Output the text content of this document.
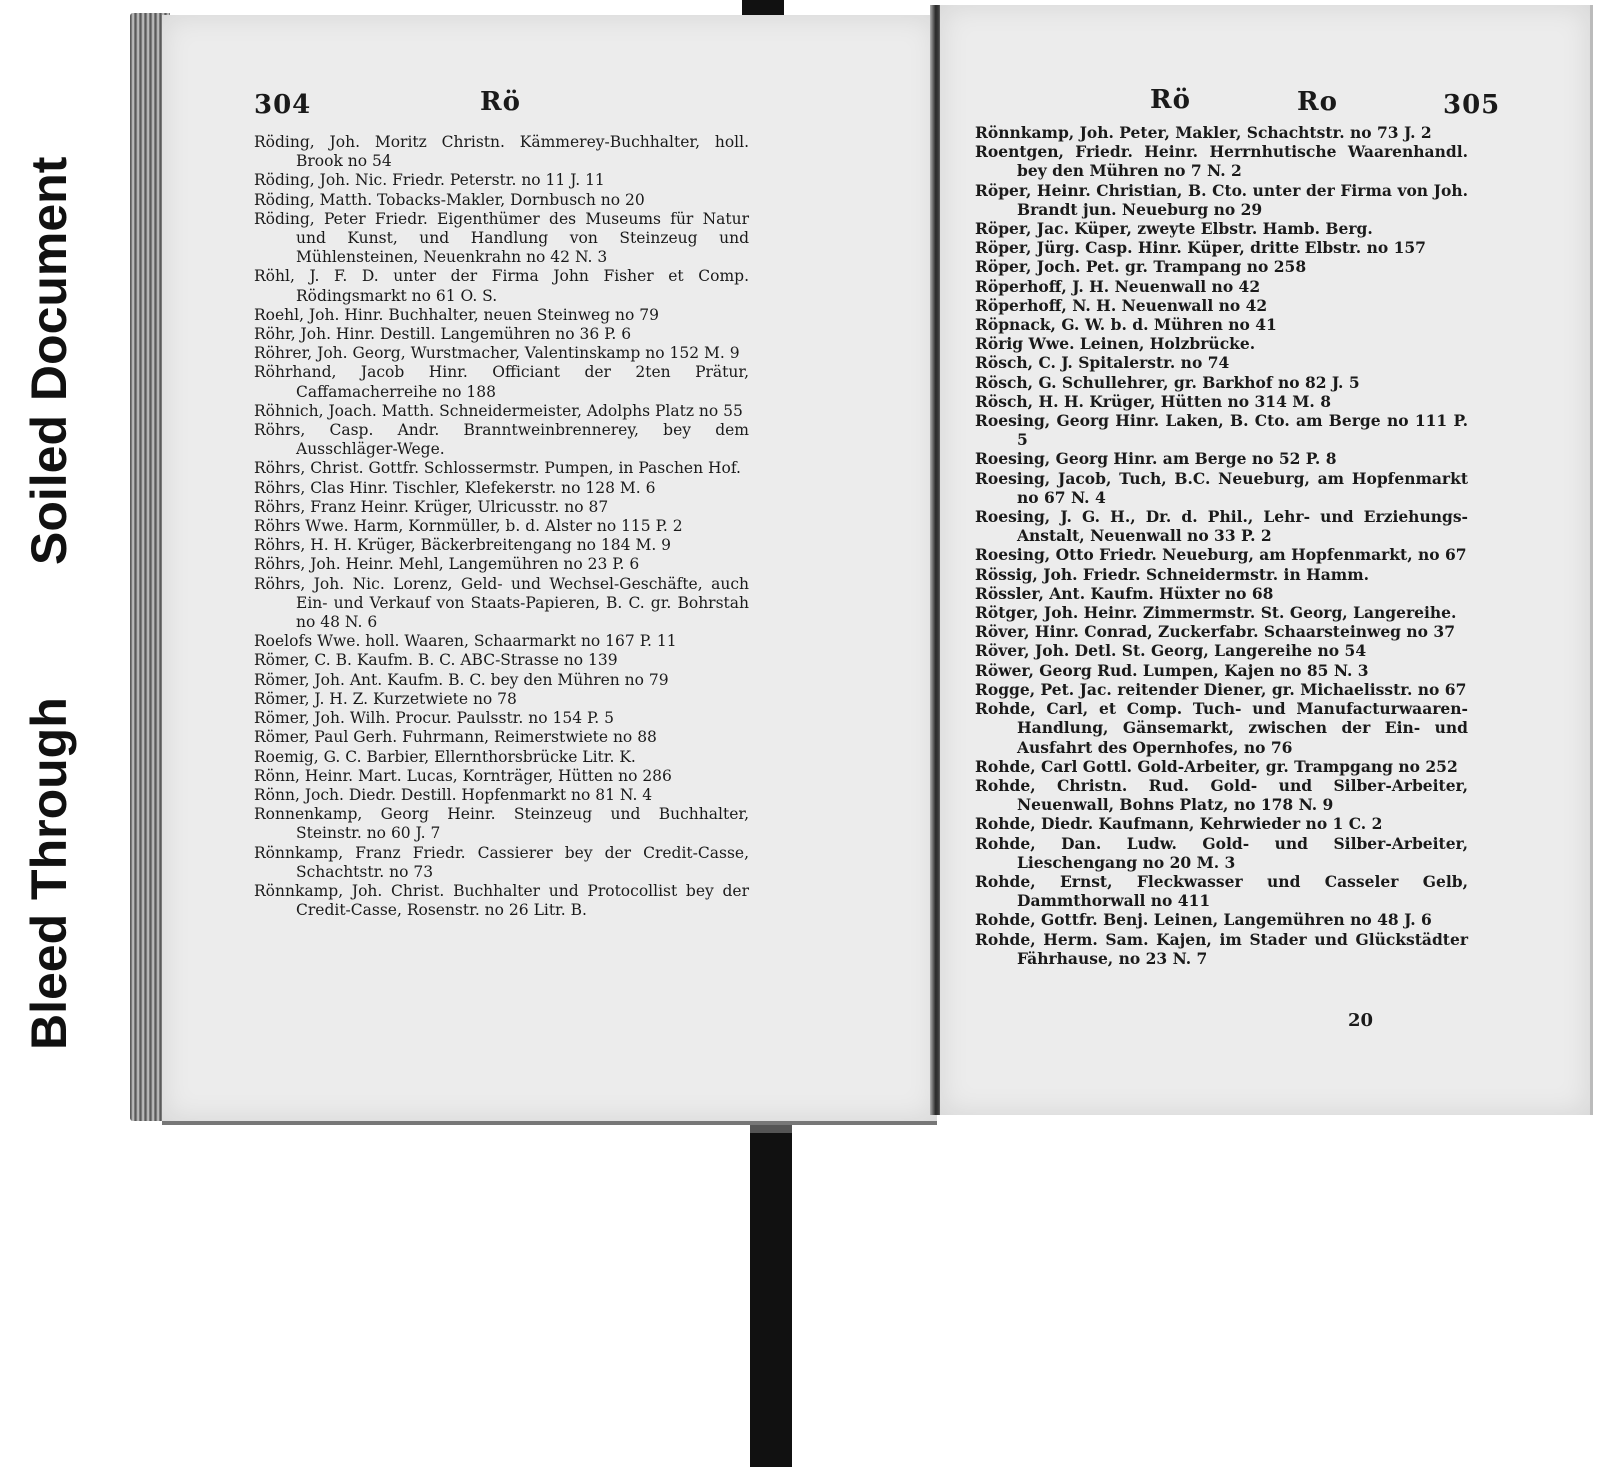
Bleed Through
Soiled Document
304	Rö
Röding, Joh. Moritz Christn. Kämmerey-Buchhalter, holl. Brook no 54
Röding, Joh. Nic. Friedr. Peterstr. no 11 J. 11
Röding, Matth. Tobacks-Makler, Dornbusch no 20
Röding, Peter Friedr. Eigenthümer des Museums für Natur und Kunst, und Handlung von Steinzeug und Mühlensteinen, Neuenkrahn no 42 N. 3
Röhl, J. F. D. unter der Firma John Fisher et Comp. Rödingsmarkt no 61 O. S.
Roehl, Joh. Hinr. Buchhalter, neuen Steinweg no 79
Röhr, Joh. Hinr. Destill. Langemühren no 36 P. 6
Röhrer, Joh. Georg, Wurstmacher, Valentinskamp no 152 M. 9
Röhrhand, Jacob Hinr. Officiant der 2ten Prätur, Caffamacherreihe no 188
Röhnich, Joach. Matth. Schneidermeister, Adolphs Platz no 55
Röhrs, Casp. Andr. Branntweinbrennerey, bey dem Ausschläger-Wege.
Röhrs, Christ. Gottfr. Schlossermstr. Pumpen, in Paschen Hof.
Röhrs, Clas Hinr. Tischler, Klefekerstr. no 128 M. 6
Röhrs, Franz Heinr. Krüger, Ulricusstr. no 87
Röhrs Wwe. Harm, Kornmüller, b. d. Alster no 115 P. 2
Röhrs, H. H. Krüger, Bäckerbreitengang no 184 M. 9
Röhrs, Joh. Heinr. Mehl, Langemühren no 23 P. 6
Röhrs, Joh. Nic. Lorenz, Geld- und Wechsel-Geschäfte, auch Ein- und Verkauf von Staats-Papieren, B. C. gr. Bohrstah no 48 N. 6
Roelofs Wwe. holl. Waaren, Schaarmarkt no 167 P. 11
Römer, C. B. Kaufm. B. C. ABC-Strasse no 139
Römer, Joh. Ant. Kaufm. B. C. bey den Mühren no 79
Römer, J. H. Z. Kurzetwiete no 78
Römer, Joh. Wilh. Procur. Paulsstr. no 154 P. 5
Römer, Paul Gerh. Fuhrmann, Reimerstwiete no 88
Roemig, G. C. Barbier, Ellernthorsbrücke Litr. K.
Rönn, Heinr. Mart. Lucas, Kornträger, Hütten no 286
Rönn, Joch. Diedr. Destill. Hopfenmarkt no 81 N. 4
Ronnenkamp, Georg Heinr. Steinzeug und Buchhalter, Steinstr. no 60 J. 7
Rönnkamp, Franz Friedr. Cassierer bey der Credit-Casse, Schachtstr. no 73
Rönnkamp, Joh. Christ. Buchhalter und Protocollist bey der Credit-Casse, Rosenstr. no 26 Litr. B.
Rö	Ro	305
Rönnkamp, Joh. Peter, Makler, Schachtstr. no 73 J. 2
Roentgen, Friedr. Heinr. Herrnhutische Waarenhandl. bey den Mühren no 7 N. 2
Röper, Heinr. Christian, B. Cto. unter der Firma von Joh. Brandt jun. Neueburg no 29
Röper, Jac. Küper, zweyte Elbstr. Hamb. Berg.
Röper, Jürg. Casp. Hinr. Küper, dritte Elbstr. no 157
Röper, Joch. Pet. gr. Trampang no 258
Röperhoff, J. H. Neuenwall no 42
Röperhoff, N. H. Neuenwall no 42
Röpnack, G. W. b. d. Mühren no 41
Rörig Wwe. Leinen, Holzbrücke.
Rösch, C. J. Spitalerstr. no 74
Rösch, G. Schullehrer, gr. Barkhof no 82 J. 5
Rösch, H. H. Krüger, Hütten no 314 M. 8
Roesing, Georg Hinr. Laken, B. Cto. am Berge no 111 P. 5
Roesing, Georg Hinr. am Berge no 52 P. 8
Roesing, Jacob, Tuch, B.C. Neueburg, am Hopfenmarkt no 67 N. 4
Roesing, J. G. H., Dr. d. Phil., Lehr- und Erziehungs-Anstalt, Neuenwall no 33 P. 2
Roesing, Otto Friedr. Neueburg, am Hopfenmarkt, no 67
Rössig, Joh. Friedr. Schneidermstr. in Hamm.
Rössler, Ant. Kaufm. Hüxter no 68
Rötger, Joh. Heinr. Zimmermstr. St. Georg, Langereihe.
Röver, Hinr. Conrad, Zuckerfabr. Schaarsteinweg no 37
Röver, Joh. Detl. St. Georg, Langereihe no 54
Röwer, Georg Rud. Lumpen, Kajen no 85 N. 3
Rogge, Pet. Jac. reitender Diener, gr. Michaelisstr. no 67
Rohde, Carl, et Comp. Tuch- und Manufacturwaaren-Handlung, Gänsemarkt, zwischen der Ein- und Ausfahrt des Opernhofes, no 76
Rohde, Carl Gottl. Gold-Arbeiter, gr. Trampgang no 252
Rohde, Christn. Rud. Gold- und Silber-Arbeiter, Neuenwall, Bohns Platz, no 178 N. 9
Rohde, Diedr. Kaufmann, Kehrwieder no 1 C. 2
Rohde, Dan. Ludw. Gold- und Silber-Arbeiter, Lieschengang no 20 M. 3
Rohde, Ernst, Fleckwasser und Casseler Gelb, Dammthorwall no 411
Rohde, Gottfr. Benj. Leinen, Langemühren no 48 J. 6
Rohde, Herm. Sam. Kajen, im Stader und Glückstädter Fährhause, no 23 N. 7
20
